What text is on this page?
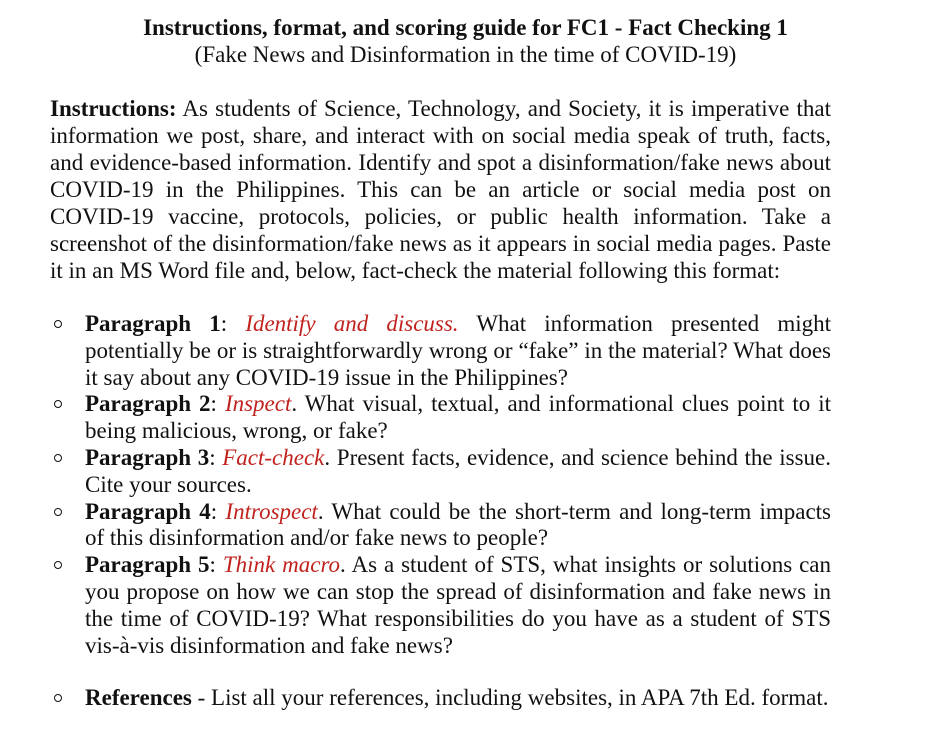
Instructions, format, and scoring guide for FC1 - Fact Checking 1
(Fake News and Disinformation in the time of COVID-19)

Instructions: As students of Science, Technology, and Society, it is imperative that information we post, share, and interact with on social media speak of truth, facts, and evidence-based information. Identify and spot a disinformation/fake news about COVID-19 in the Philippines. This can be an article or social media post on COVID-19 vaccine, protocols, policies, or public health information. Take a screenshot of the disinformation/fake news as it appears in social media pages. Paste it in an MS Word file and, below, fact-check the material following this format:

Paragraph 1: Identify and discuss. What information presented might potentially be or is straightforwardly wrong or “fake” in the material? What does it say about any COVID-19 issue in the Philippines?
Paragraph 2: Inspect. What visual, textual, and informational clues point to it being malicious, wrong, or fake?
Paragraph 3: Fact-check. Present facts, evidence, and science behind the issue. Cite your sources.
Paragraph 4: Introspect. What could be the short-term and long-term impacts of this disinformation and/or fake news to people?
Paragraph 5: Think macro. As a student of STS, what insights or solutions can you propose on how we can stop the spread of disinformation and fake news in the time of COVID-19? What responsibilities do you have as a student of STS vis-à-vis disinformation and fake news?
References - List all your references, including websites, in APA 7th Ed. format.
